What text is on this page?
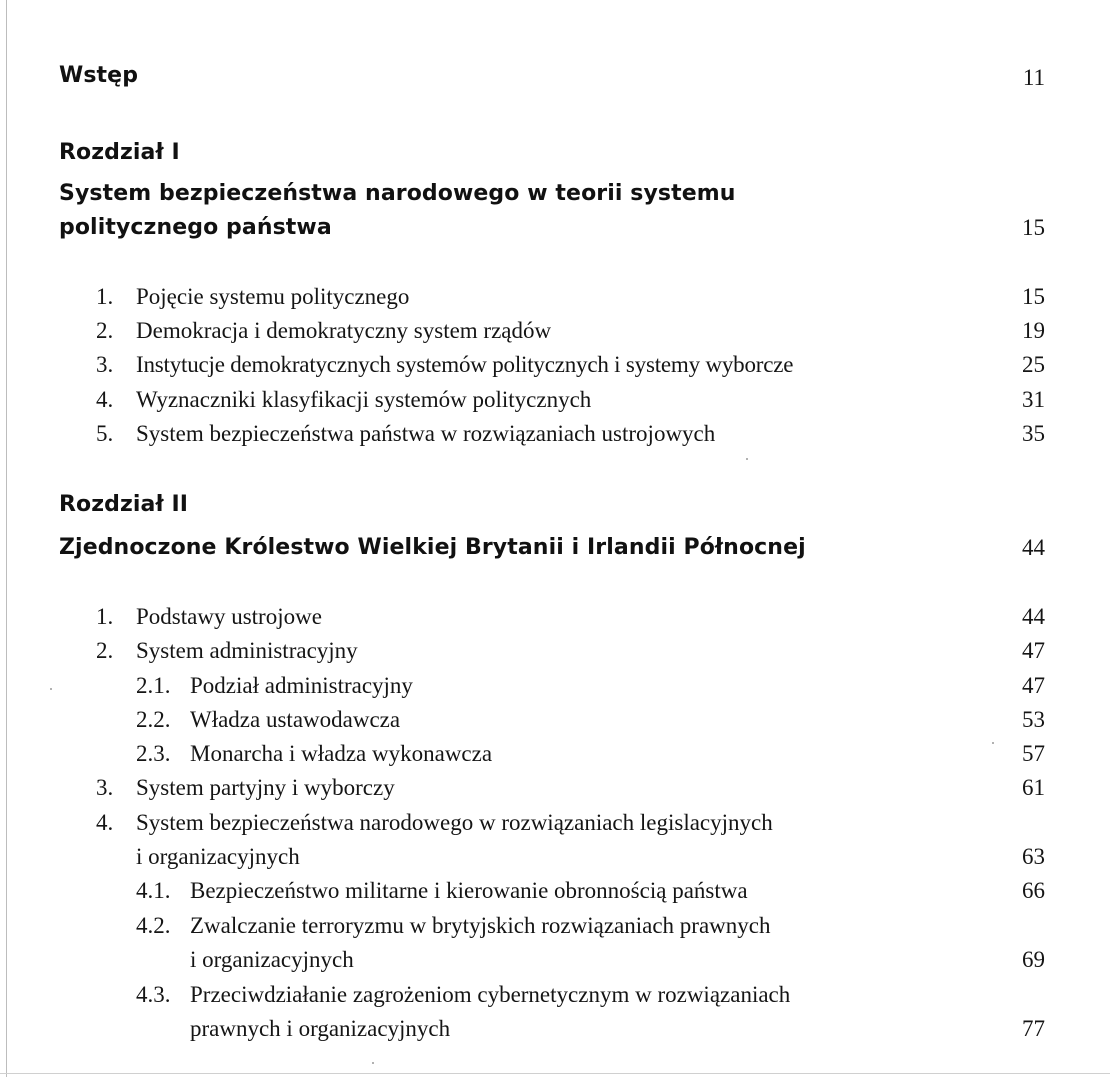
Wstęp	11
Rozdział I
System bezpieczeństwa narodowego w teorii systemu
politycznego państwa	15
1. Pojęcie systemu politycznego	15
2. Demokracja i demokratyczny system rządów	19
3. Instytucje demokratycznych systemów politycznych i systemy wyborcze	25
4. Wyznaczniki klasyfikacji systemów politycznych	31
5. System bezpieczeństwa państwa w rozwiązaniach ustrojowych	35
Rozdział II
Zjednoczone Królestwo Wielkiej Brytanii i Irlandii Północnej	44
1. Podstawy ustrojowe	44
2. System administracyjny	47
2.1. Podział administracyjny	47
2.2. Władza ustawodawcza	53
2.3. Monarcha i władza wykonawcza	57
3. System partyjny i wyborczy	61
4. System bezpieczeństwa narodowego w rozwiązaniach legislacyjnych
i organizacyjnych	63
4.1. Bezpieczeństwo militarne i kierowanie obronnością państwa	66
4.2. Zwalczanie terroryzmu w brytyjskich rozwiązaniach prawnych
i organizacyjnych	69
4.3. Przeciwdziałanie zagrożeniom cybernetycznym w rozwiązaniach
prawnych i organizacyjnych	77
